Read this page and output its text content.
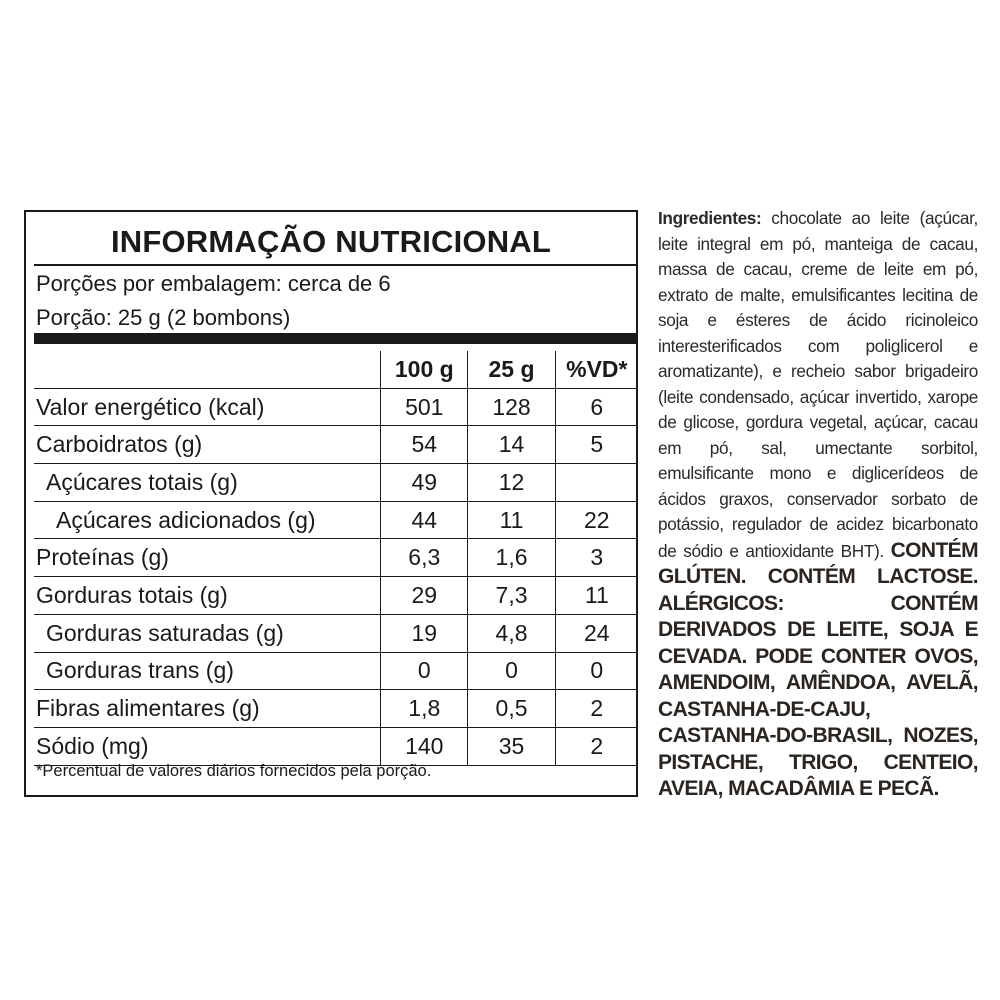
INFORMAÇÃO NUTRICIONAL
Porções por embalagem: cerca de 6
Porção: 25 g (2 bombons)
	100 g	25 g	%VD*
Valor energético (kcal)	501	128	6
Carboidratos (g)	54	14	5
Açúcares totais (g)	49	12	
Açúcares adicionados (g)	44	11	22
Proteínas (g)	6,3	1,6	3
Gorduras totais (g)	29	7,3	11
Gorduras saturadas (g)	19	4,8	24
Gorduras trans (g)	0	0	0
Fibras alimentares (g)	1,8	0,5	2
Sódio (mg)	140	35	2
*Percentual de valores diários fornecidos pela porção.
Ingredientes: chocolate ao leite (açúcar, leite integral em pó, manteiga de cacau, massa de cacau, creme de leite em pó, extrato de malte, emulsificantes lecitina de soja e ésteres de ácido ricinoleico interesterificados com poliglicerol e aromatizante), e recheio sabor brigadeiro (leite condensado, açúcar invertido, xarope de glicose, gordura vegetal, açúcar, cacau em pó, sal, umectante sorbitol, emulsificante mono e diglicerídeos de ácidos graxos, conservador sorbato de potássio, regulador de acidez bicarbonato de sódio e antioxidante BHT). CONTÉM GLÚTEN. CONTÉM LACTOSE. ALÉRGICOS: CONTÉM DERIVADOS DE LEITE, SOJA E CEVADA. PODE CONTER OVOS, AMENDOIM, AMÊNDOA, AVELÃ, CASTANHA-DE-CAJU, CASTANHA-DO-BRASIL, NOZES, PISTACHE, TRIGO, CENTEIO, AVEIA, MACADÂMIA E PECÃ.
